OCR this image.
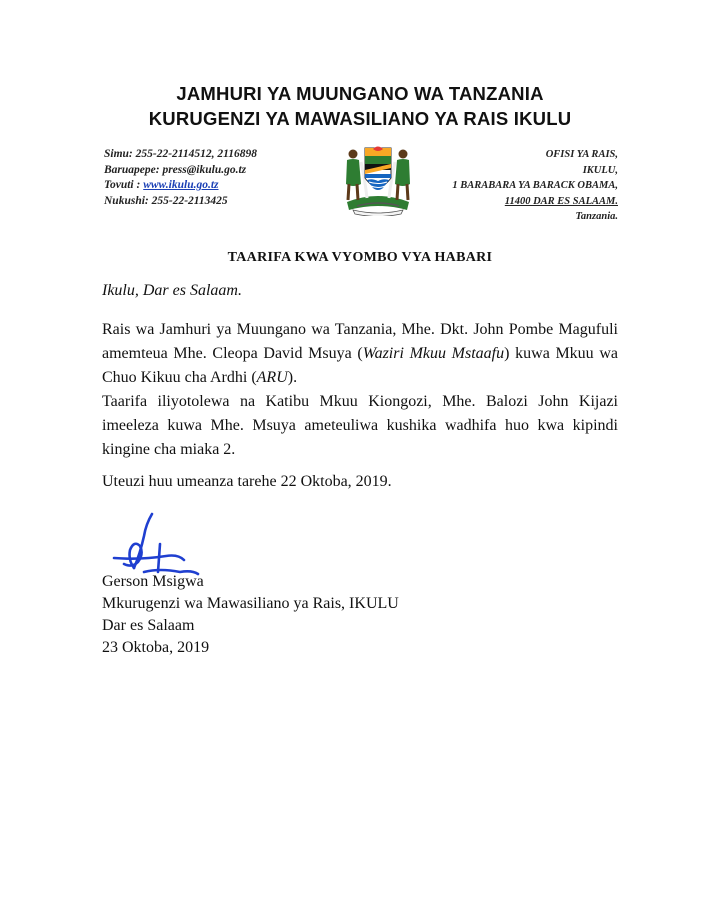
JAMHURI YA MUUNGANO WA TANZANIA
KURUGENZI YA MAWASILIANO YA RAIS IKULU
Simu: 255-22-2114512, 2116898
Baruapepe: press@ikulu.go.tz
Tovuti : www.ikulu.go.tz
Nukushi: 255-22-2113425
OFISI YA RAIS,
IKULU,
1 BARABARA YA BARACK OBAMA,
11400 DAR ES SALAAM.
Tanzania.
TAARIFA KWA VYOMBO VYA HABARI
Ikulu, Dar es Salaam.
Rais wa Jamhuri ya Muungano wa Tanzania, Mhe. Dkt. John Pombe Magufuli amemteua Mhe. Cleopa David Msuya (Waziri Mkuu Mstaafu) kuwa Mkuu wa Chuo Kikuu cha Ardhi (ARU).
Taarifa iliyotolewa na Katibu Mkuu Kiongozi, Mhe. Balozi John Kijazi imeeleza kuwa Mhe. Msuya ameteuliwa kushika wadhifa huo kwa kipindi kingine cha miaka 2.
Uteuzi huu umeanza tarehe 22 Oktoba, 2019.
Gerson Msigwa
Mkurugenzi wa Mawasiliano ya Rais, IKULU
Dar es Salaam
23 Oktoba, 2019
